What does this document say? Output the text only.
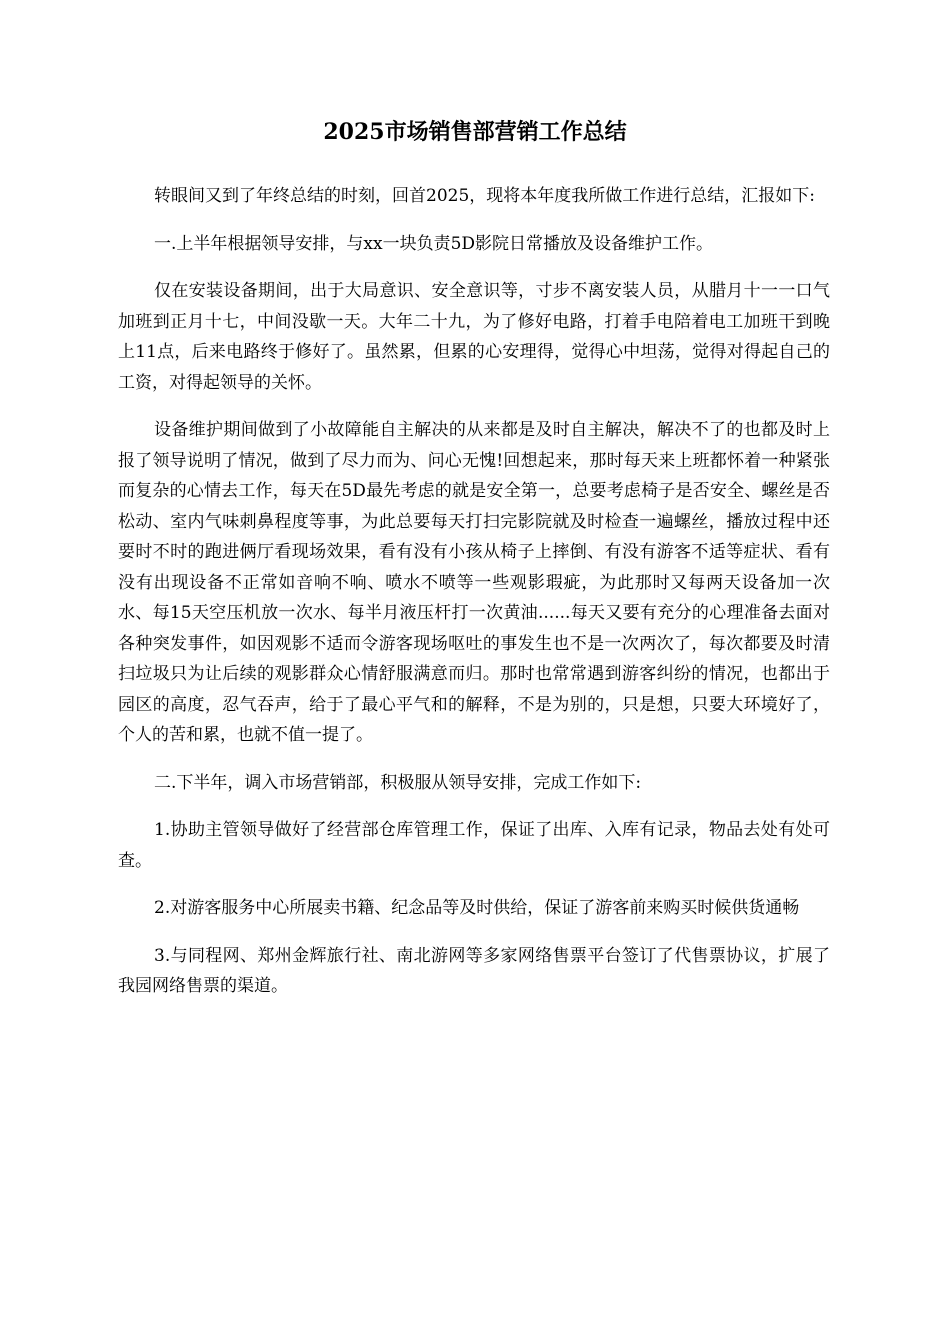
2025市场销售部营销工作总结

转眼间又到了年终总结的时刻，回首2025，现将本年度我所做工作进行总结，汇报如下:

一.上半年根据领导安排，与xx一块负责5D影院日常播放及设备维护工作。

仅在安装设备期间，出于大局意识、安全意识等，寸步不离安装人员，从腊月十一一口气加班到正月十七，中间没歇一天。大年二十九，为了修好电路，打着手电陪着电工加班干到晚上11点，后来电路终于修好了。虽然累，但累的心安理得，觉得心中坦荡，觉得对得起自己的工资，对得起领导的关怀。

设备维护期间做到了小故障能自主解决的从来都是及时自主解决，解决不了的也都及时上报了领导说明了情况，做到了尽力而为、问心无愧!回想起来，那时每天来上班都怀着一种紧张而复杂的心情去工作，每天在5D最先考虑的就是安全第一，总要考虑椅子是否安全、螺丝是否松动、室内气味刺鼻程度等事，为此总要每天打扫完影院就及时检查一遍螺丝，播放过程中还要时不时的跑进俩厅看现场效果，看有没有小孩从椅子上摔倒、有没有游客不适等症状、看有没有出现设备不正常如音响不响、喷水不喷等一些观影瑕疵，为此那时又每两天设备加一次水、每15天空压机放一次水、每半月液压杆打一次黄油......每天又要有充分的心理准备去面对各种突发事件，如因观影不适而令游客现场呕吐的事发生也不是一次两次了，每次都要及时清扫垃圾只为让后续的观影群众心情舒服满意而归。那时也常常遇到游客纠纷的情况，也都出于园区的高度，忍气吞声，给于了最心平气和的解释，不是为别的，只是想，只要大环境好了，个人的苦和累，也就不值一提了。

二.下半年，调入市场营销部，积极服从领导安排，完成工作如下:

1.协助主管领导做好了经营部仓库管理工作，保证了出库、入库有记录，物品去处有处可查。

2.对游客服务中心所展卖书籍、纪念品等及时供给，保证了游客前来购买时候供货通畅

3.与同程网、郑州金辉旅行社、南北游网等多家网络售票平台签订了代售票协议，扩展了我园网络售票的渠道。
